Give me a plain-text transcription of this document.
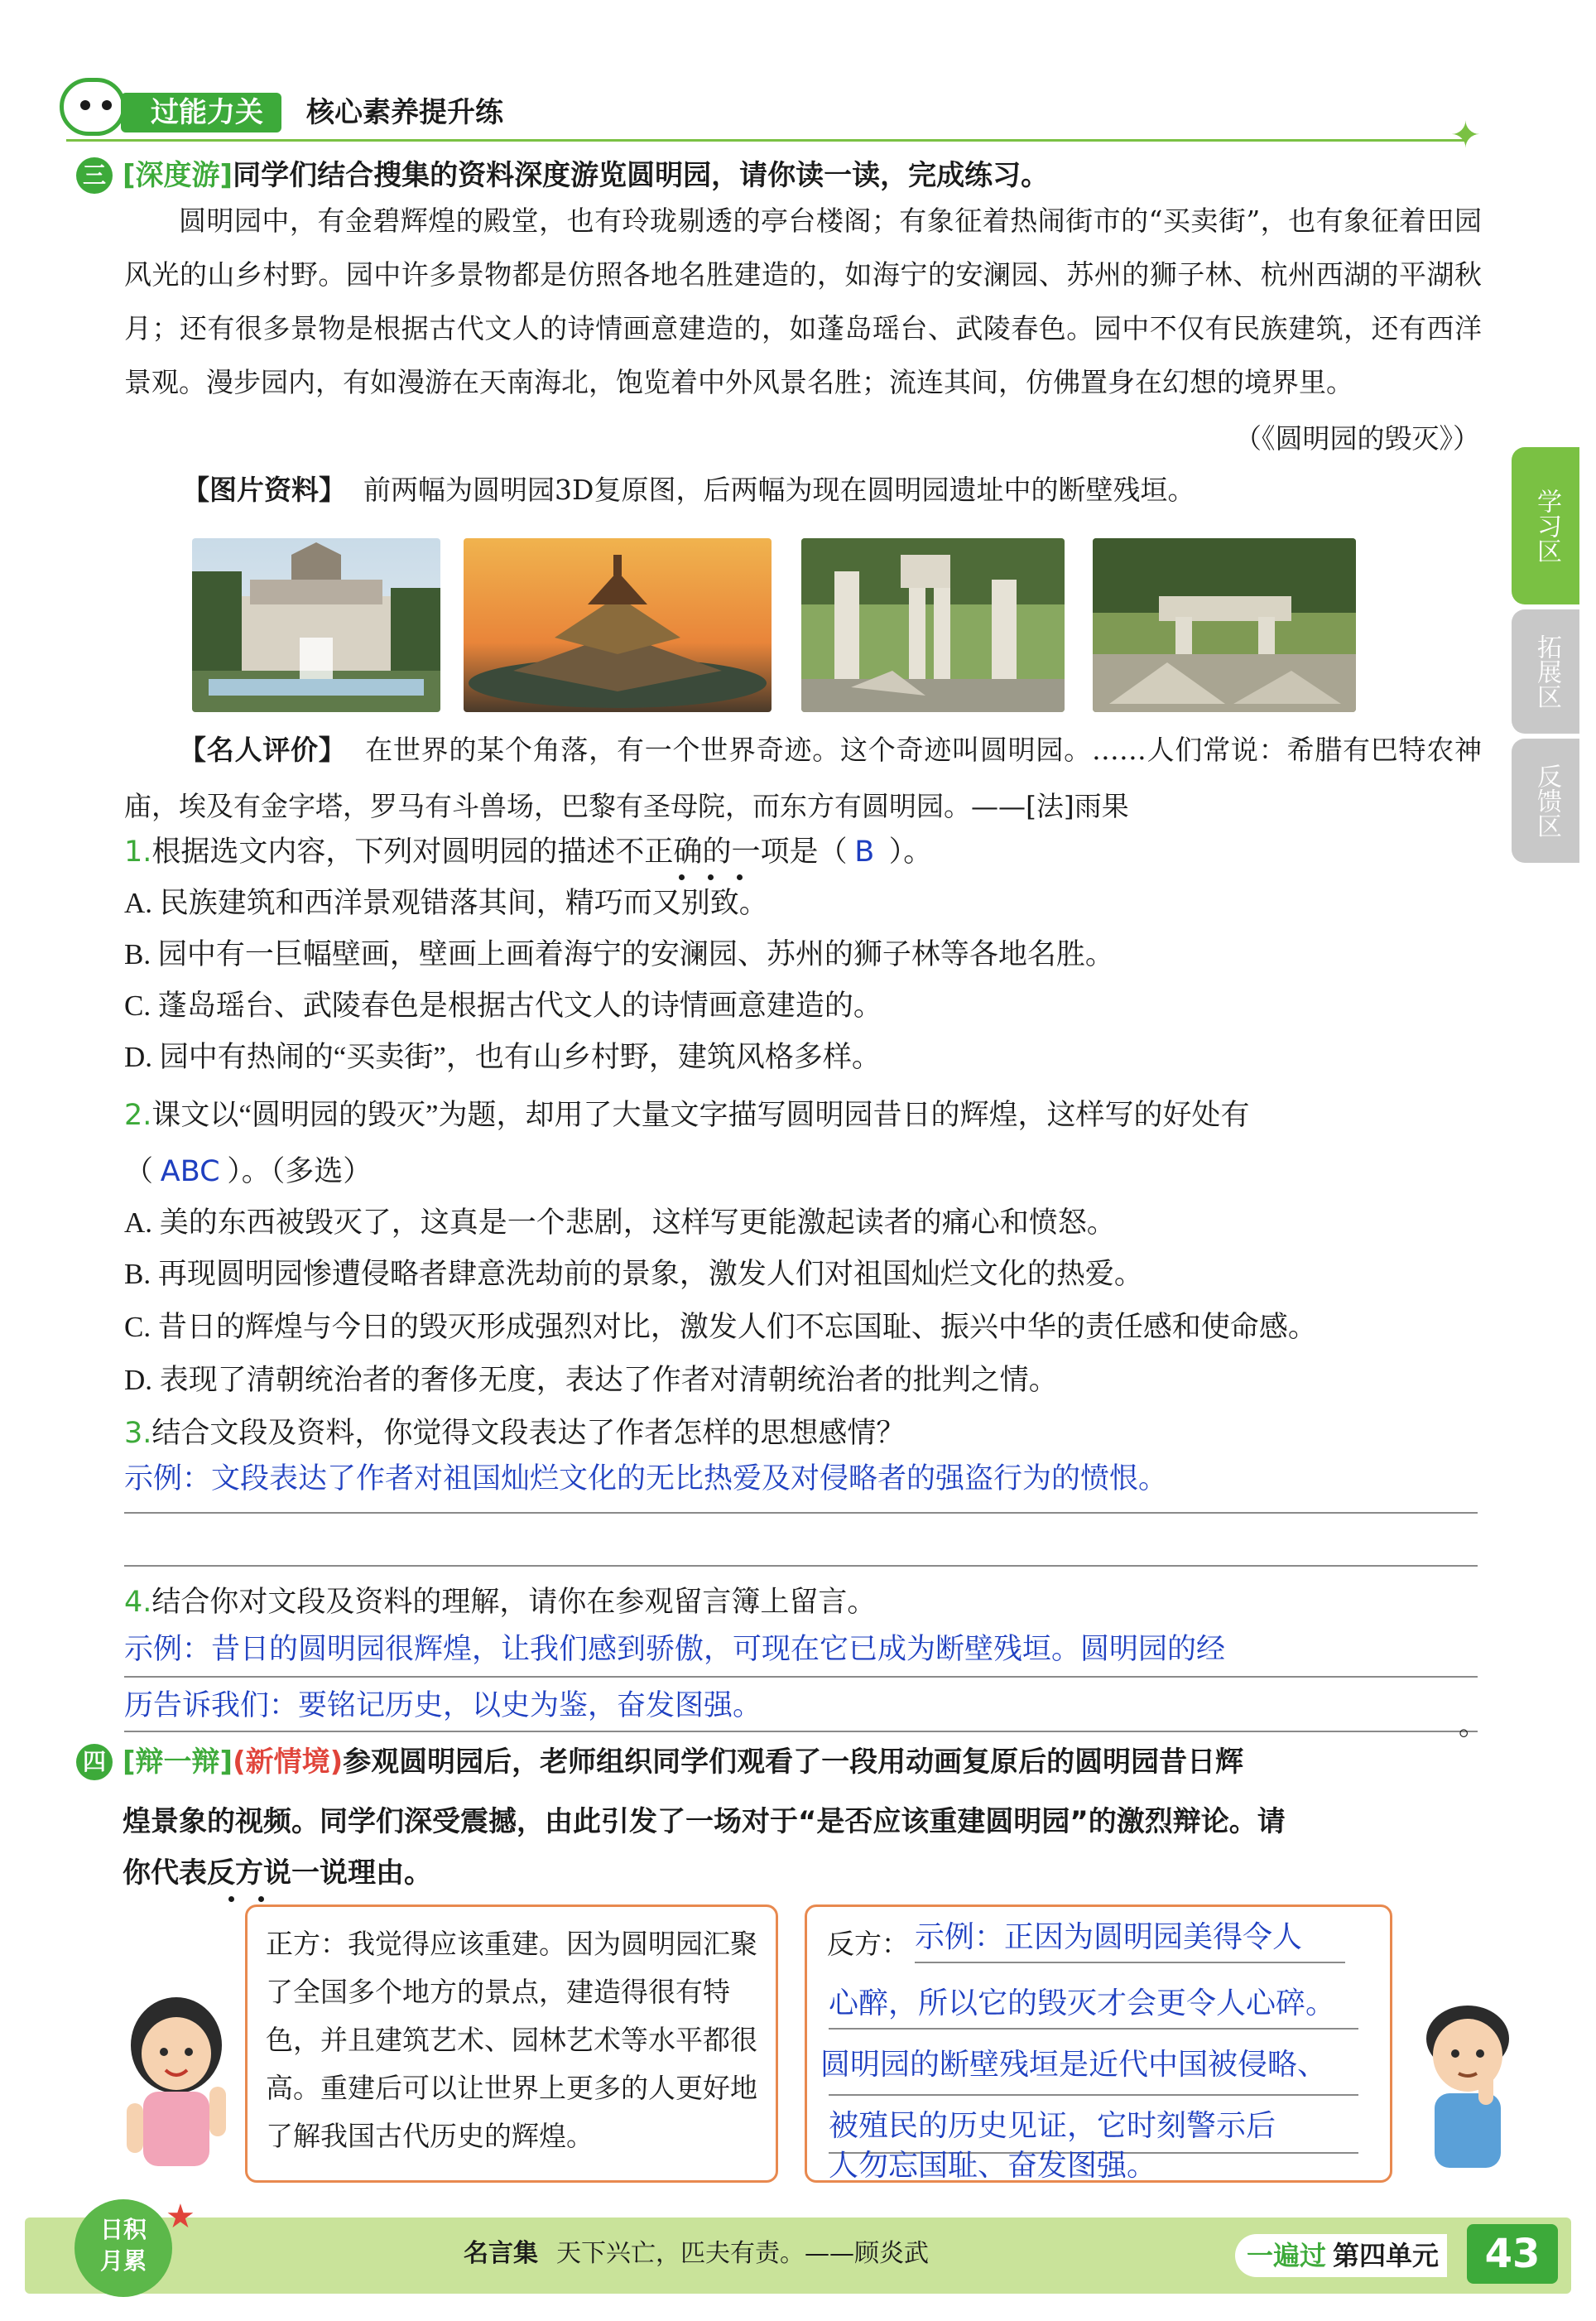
过能力关	核心素养提升练
✦
学习区
拓展区
反馈区
三 [深度游]同学们结合搜集的资料深度游览圆明园，请你读一读，完成练习。
圆明园中，有金碧辉煌的殿堂，也有玲珑剔透的亭台楼阁；有象征着热闹街市的“买卖街”，也有象征着田园风光的山乡村野。园中许多景物都是仿照各地名胜建造的，如海宁的安澜园、苏州的狮子林、杭州西湖的平湖秋月；还有很多景物是根据古代文人的诗情画意建造的，如蓬岛瑶台、武陵春色。园中不仅有民族建筑，还有西洋景观。漫步园内，有如漫游在天南海北，饱览着中外风景名胜；流连其间，仿佛置身在幻想的境界里。
（《圆明园的毁灭》）
【图片资料】 前两幅为圆明园3D复原图，后两幅为现在圆明园遗址中的断壁残垣。
【名人评价】 在世界的某个角落，有一个世界奇迹。这个奇迹叫圆明园。……人们常说：希腊有巴特农神庙，埃及有金字塔，罗马有斗兽场，巴黎有圣母院，而东方有圆明园。——[法]雨果
1.根据选文内容，下列对圆明园的描述不正确的一项是（ B ）。
A. 民族建筑和西洋景观错落其间，精巧而又别致。
B. 园中有一巨幅壁画，壁画上画着海宁的安澜园、苏州的狮子林等各地名胜。
C. 蓬岛瑶台、武陵春色是根据古代文人的诗情画意建造的。
D. 园中有热闹的“买卖街”，也有山乡村野，建筑风格多样。
2.课文以“圆明园的毁灭”为题，却用了大量文字描写圆明园昔日的辉煌，这样写的好处有
（ ABC ）。（多选）
A. 美的东西被毁灭了，这真是一个悲剧，这样写更能激起读者的痛心和愤怒。
B. 再现圆明园惨遭侵略者肆意洗劫前的景象，激发人们对祖国灿烂文化的热爱。
C. 昔日的辉煌与今日的毁灭形成强烈对比，激发人们不忘国耻、振兴中华的责任感和使命感。
D. 表现了清朝统治者的奢侈无度，表达了作者对清朝统治者的批判之情。
3.结合文段及资料，你觉得文段表达了作者怎样的思想感情？
示例：文段表达了作者对祖国灿烂文化的无比热爱及对侵略者的强盗行为的愤恨。
4.结合你对文段及资料的理解，请你在参观留言簿上留言。
示例：昔日的圆明园很辉煌，让我们感到骄傲，可现在它已成为断壁残垣。圆明园的经
历告诉我们：要铭记历史，以史为鉴，奋发图强。
。
四 [辩一辩](新情境)参观圆明园后，老师组织同学们观看了一段用动画复原后的圆明园昔日辉
煌景象的视频。同学们深受震撼，由此引发了一场对于“是否应该重建圆明园”的激烈辩论。请
你代表反方说一说理由。
正方：我觉得应该重建。因为圆明园汇聚了全国多个地方的景点，建造得很有特色，并且建筑艺术、园林艺术等水平都很高。重建后可以让世界上更多的人更好地了解我国古代历史的辉煌。
反方： 示例：正因为圆明园美得令人
心醉，所以它的毁灭才会更令人心碎。
圆明园的断壁残垣是近代中国被侵略、
被殖民的历史见证，它时刻警示后
人勿忘国耻、奋发图强。
日积
月累
★
名言集 天下兴亡，匹夫有责。——顾炎武	一遍过 第四单元	43
